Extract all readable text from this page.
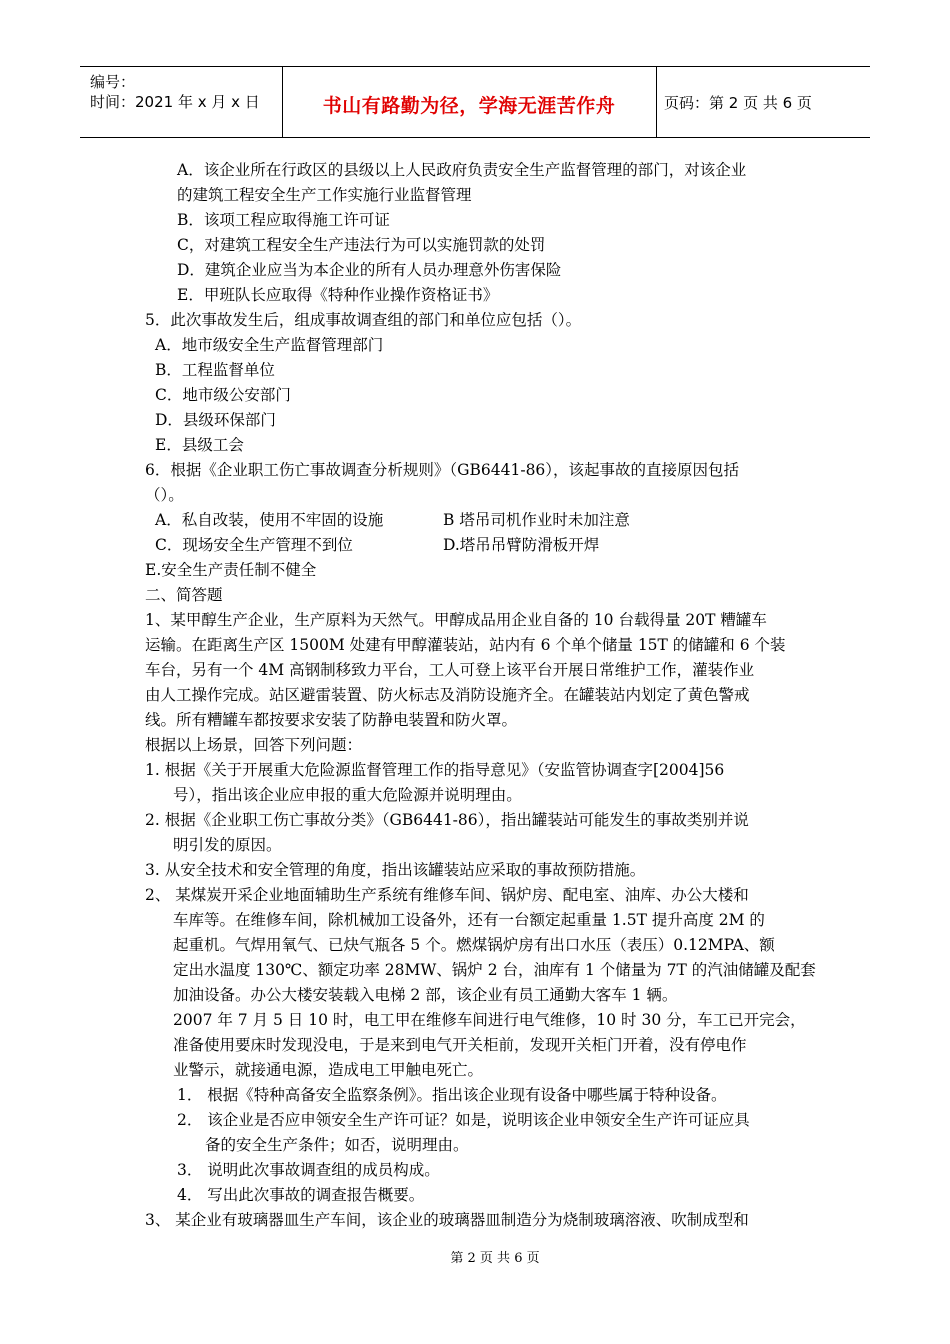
编号：
时间：2021 年 x 月 x 日	书山有路勤为径，学海无涯苦作舟	页码：第 2 页 共 6 页
A．该企业所在行政区的县级以上人民政府负责安全生产监督管理的部门，对该企业
的建筑工程安全生产工作实施行业监督管理
B．该项工程应取得施工许可证
C，对建筑工程安全生产违法行为可以实施罚款的处罚
D．建筑企业应当为本企业的所有人员办理意外伤害保险
E．甲班队长应取得《特种作业操作资格证书》
5．此次事故发生后，组成事故调查组的部门和单位应包括（）。
A．地市级安全生产监督管理部门
B．工程监督单位
C．地市级公安部门
D．县级环保部门
E．县级工会
6．根据《企业职工伤亡事故调查分析规则》（GB6441-86），该起事故的直接原因包括
（）。
A．私自改装，使用不牢固的设施	B 塔吊司机作业时未加注意
C．现场安全生产管理不到位	D.塔吊吊臂防滑板开焊
E.安全生产责任制不健全
二、简答题
1、某甲醇生产企业，生产原料为天然气。甲醇成品用企业自备的 10 台载得量 20T 糟罐车
运输。在距离生产区 1500M 处建有甲醇灌装站，站内有 6 个单个储量 15T 的储罐和 6 个装
车台，另有一个 4M 高钢制移致力平台，工人可登上该平台开展日常维护工作，灌装作业
由人工操作完成。站区避雷装置、防火标志及消防设施齐全。在罐装站内划定了黄色警戒
线。所有糟罐车都按要求安装了防静电装置和防火罩。
根据以上场景，回答下列问题：
1. 根据《关于开展重大危险源监督管理工作的指导意见》（安监管协调查字[2004]56
号），指出该企业应申报的重大危险源并说明理由。
2. 根据《企业职工伤亡事故分类》（GB6441-86），指出罐装站可能发生的事故类别并说
明引发的原因。
3. 从安全技术和安全管理的角度，指出该罐装站应采取的事故预防措施。
2、 某煤炭开采企业地面辅助生产系统有维修车间、锅炉房、配电室、油库、办公大楼和
车库等。在维修车间，除机械加工设备外，还有一台额定起重量 1.5T 提升高度 2M 的
起重机。气焊用氧气、已炔气瓶各 5 个。燃煤锅炉房有出口水压（表压）0.12MPA、额
定出水温度 130℃、额定功率 28MW、锅炉 2 台，油库有 1 个储量为 7T 的汽油储罐及配套
加油设备。办公大楼安装载入电梯 2 部，该企业有员工通勤大客车 1 辆。
2007 年 7 月 5 日 10 时，电工甲在维修车间进行电气维修，10 时 30 分，车工已开完会，
准备使用要床时发现没电，于是来到电气开关柜前，发现开关柜门开着，没有停电作
业警示，就接通电源，造成电工甲触电死亡。
1． 根据《特种高备安全监察条例》。指出该企业现有设备中哪些属于特种设备。
2． 该企业是否应申领安全生产许可证？如是，说明该企业申领安全生产许可证应具
备的安全生产条件；如否，说明理由。
3． 说明此次事故调查组的成员构成。
4． 写出此次事故的调查报告概要。
3、 某企业有玻璃器皿生产车间，该企业的玻璃器皿制造分为烧制玻璃溶液、吹制成型和
第 2 页 共 6 页
